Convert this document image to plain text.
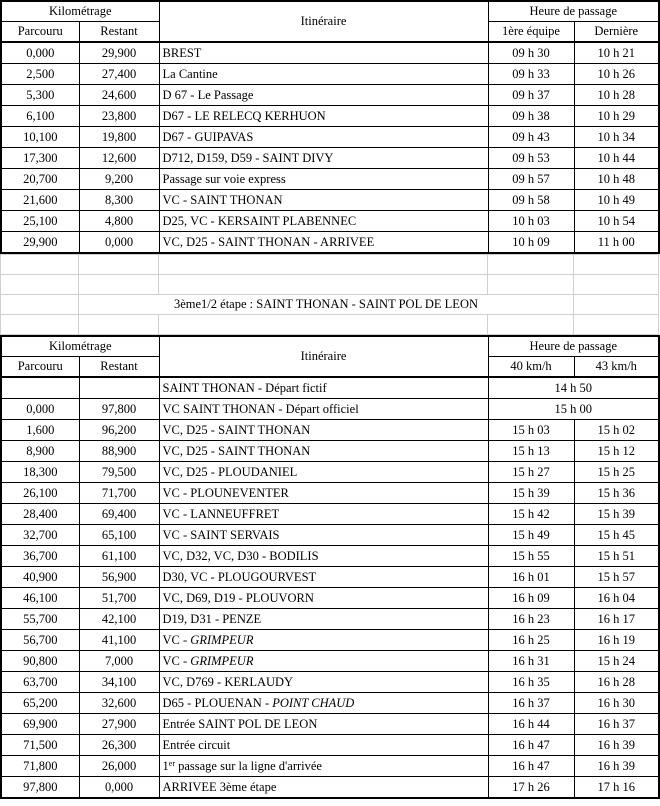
Kilométrage		Itinéraire	Heure de passage	
Parcouru	Restant		1ère équipe	Dernière
0,000	29,900	BREST	09 h 30	10 h 21
2,500	27,400	La Cantine	09 h 33	10 h 26
5,300	24,600	D 67 - Le Passage	09 h 37	10 h 28
6,100	23,800	D67 - LE RELECQ KERHUON	09 h 38	10 h 29
10,100	19,800	D67 - GUIPAVAS	09 h 43	10 h 34
17,300	12,600	D712, D159, D59 - SAINT DIVY	09 h 53	10 h 44
20,700	9,200	Passage sur voie express	09 h 57	10 h 48
21,600	8,300	VC - SAINT THONAN	09 h 58	10 h 49
25,100	4,800	D25, VC - KERSAINT PLABENNEC	10 h 03	10 h 54
29,900	0,000	VC, D25 - SAINT THONAN - ARRIVEE	10 h 09	11 h 00

	3ème1/2 étape : SAINT THONAN - SAINT POL DE LEON			

Kilométrage		Itinéraire	Heure de passage	
Parcouru	Restant		40 km/h	43 km/h
		SAINT THONAN - Départ fictif	14 h 50	
0,000	97,800	VC SAINT THONAN - Départ officiel	15 h 00	
1,600	96,200	VC, D25 - SAINT THONAN	15 h 03	15 h 02
8,900	88,900	VC, D25 - SAINT THONAN	15 h 13	15 h 12
18,300	79,500	VC, D25 - PLOUDANIEL	15 h 27	15 h 25
26,100	71,700	VC - PLOUNEVENTER	15 h 39	15 h 36
28,400	69,400	VC - LANNEUFFRET	15 h 42	15 h 39
32,700	65,100	VC - SAINT SERVAIS	15 h 49	15 h 45
36,700	61,100	VC, D32, VC, D30 - BODILIS	15 h 55	15 h 51
40,900	56,900	D30, VC - PLOUGOURVEST	16 h 01	15 h 57
46,100	51,700	VC, D69, D19 - PLOUVORN	16 h 09	16 h 04
55,700	42,100	D19, D31 - PENZE	16 h 23	16 h 17
56,700	41,100	VC - GRIMPEUR	16 h 25	16 h 19
90,800	7,000	VC - GRIMPEUR	16 h 31	15 h 24
63,700	34,100	VC, D769 - KERLAUDY	16 h 35	16 h 28
65,200	32,600	D65 - PLOUENAN - POINT CHAUD	16 h 37	16 h 30
69,900	27,900	Entrée SAINT POL DE LEON	16 h 44	16 h 37
71,500	26,300	Entrée circuit	16 h 47	16 h 39
71,800	26,000	1er passage sur la ligne d'arrivée	16 h 47	16 h 39
97,800	0,000	ARRIVEE 3ème étape	17 h 26	17 h 16
